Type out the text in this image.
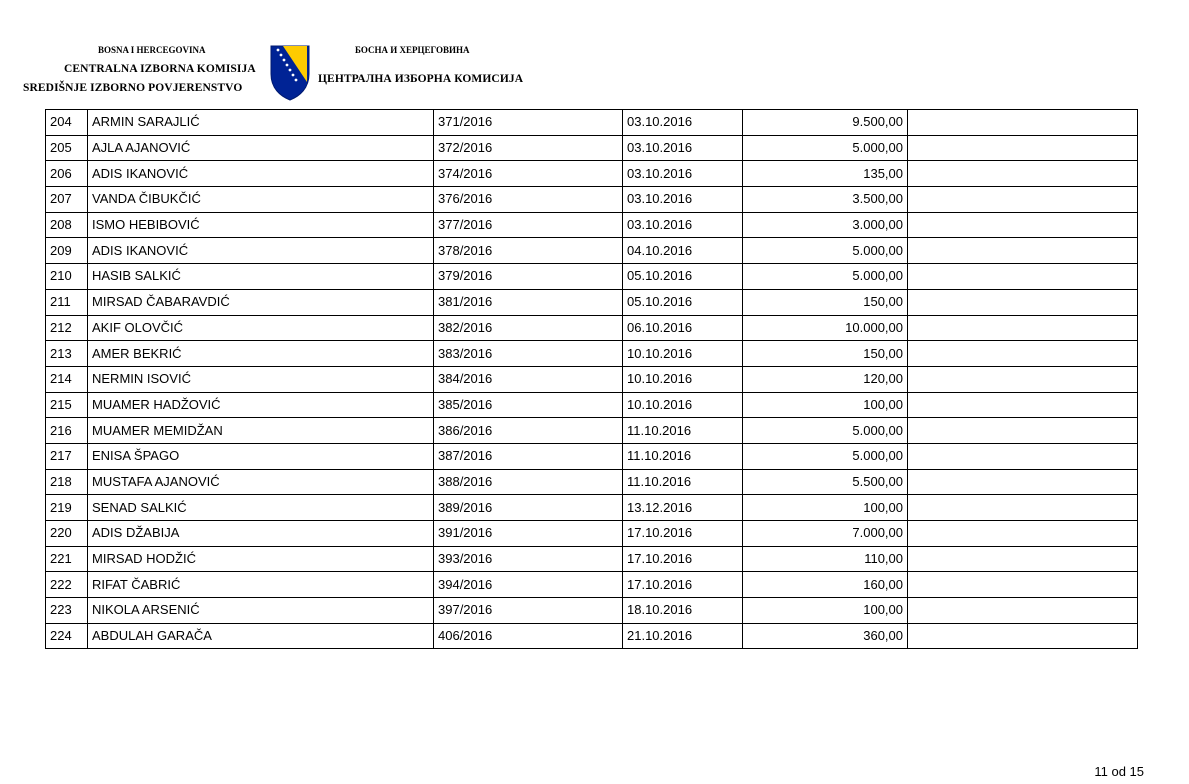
BOSNA I HERCEGOVINA
CENTRALNA IZBORNA KOMISIJA
SREDIŠNJE IZBORNO POVJERENSTVO
БОСНА И ХЕРЦЕГОВИНА
ЦЕНТРАЛНА ИЗБОРНА КОМИСИЈА
204	ARMIN SARAJLIĆ	371/2016	03.10.2016	9.500,00	
205	AJLA AJANOVIĆ	372/2016	03.10.2016	5.000,00	
206	ADIS IKANOVIĆ	374/2016	03.10.2016	135,00	
207	VANDA ČIBUKČIĆ	376/2016	03.10.2016	3.500,00	
208	ISMO HEBIBOVIĆ	377/2016	03.10.2016	3.000,00	
209	ADIS IKANOVIĆ	378/2016	04.10.2016	5.000,00	
210	HASIB SALKIĆ	379/2016	05.10.2016	5.000,00	
211	MIRSAD ČABARAVDIĆ	381/2016	05.10.2016	150,00	
212	AKIF OLOVČIĆ	382/2016	06.10.2016	10.000,00	
213	AMER BEKRIĆ	383/2016	10.10.2016	150,00	
214	NERMIN ISOVIĆ	384/2016	10.10.2016	120,00	
215	MUAMER HADŽOVIĆ	385/2016	10.10.2016	100,00	
216	MUAMER MEMIDŽAN	386/2016	11.10.2016	5.000,00	
217	ENISA ŠPAGO	387/2016	11.10.2016	5.000,00	
218	MUSTAFA AJANOVIĆ	388/2016	11.10.2016	5.500,00	
219	SENAD SALKIĆ	389/2016	13.12.2016	100,00	
220	ADIS DŽABIJA	391/2016	17.10.2016	7.000,00	
221	MIRSAD HODŽIĆ	393/2016	17.10.2016	110,00	
222	RIFAT ČABRIĆ	394/2016	17.10.2016	160,00	
223	NIKOLA ARSENIĆ	397/2016	18.10.2016	100,00	
224	ABDULAH GARAČA	406/2016	21.10.2016	360,00	
11 od 15
